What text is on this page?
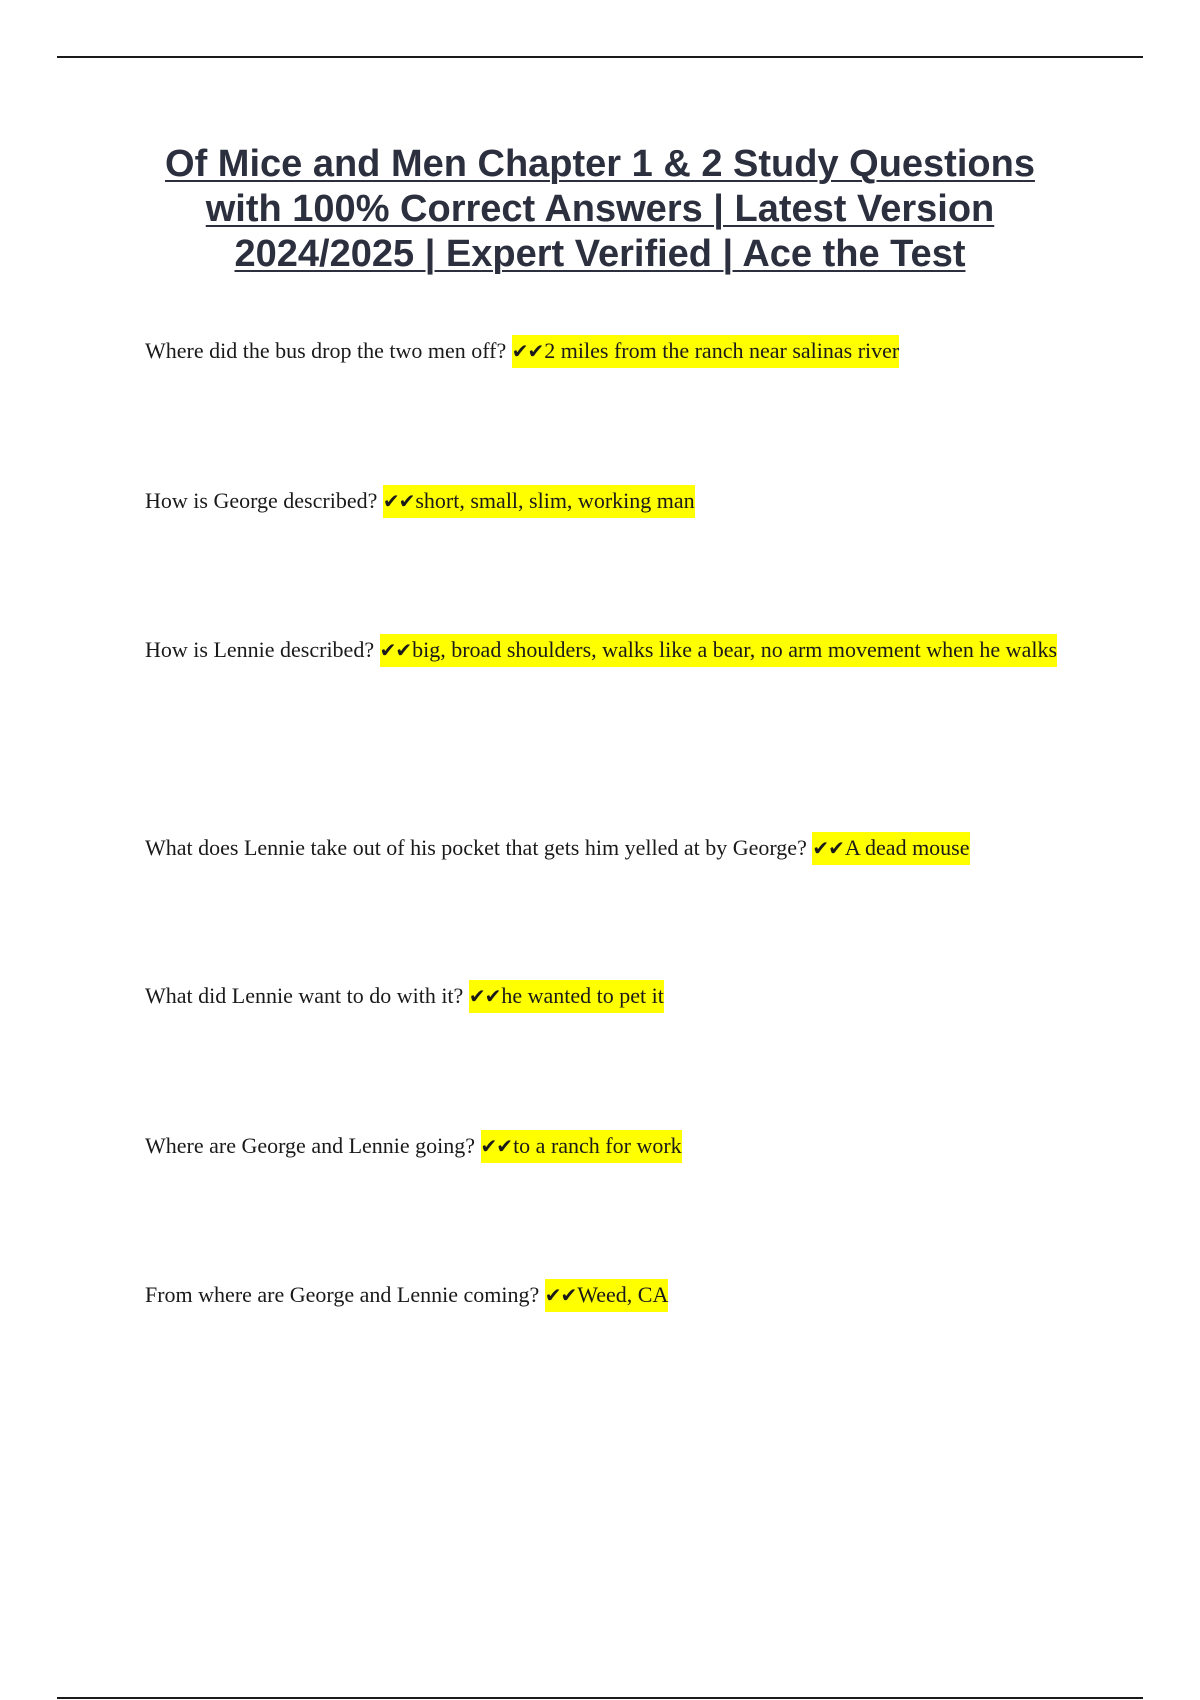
Of Mice and Men Chapter 1 & 2 Study Questions
with 100% Correct Answers | Latest Version
2024/2025 | Expert Verified | Ace the Test
Where did the bus drop the two men off? ✔✔2 miles from the ranch near salinas river
How is George described? ✔✔short, small, slim, working man
How is Lennie described? ✔✔big, broad shoulders, walks like a bear, no arm movement when he walks
What does Lennie take out of his pocket that gets him yelled at by George? ✔✔A dead mouse
What did Lennie want to do with it? ✔✔he wanted to pet it
Where are George and Lennie going? ✔✔to a ranch for work
From where are George and Lennie coming? ✔✔Weed, CA
